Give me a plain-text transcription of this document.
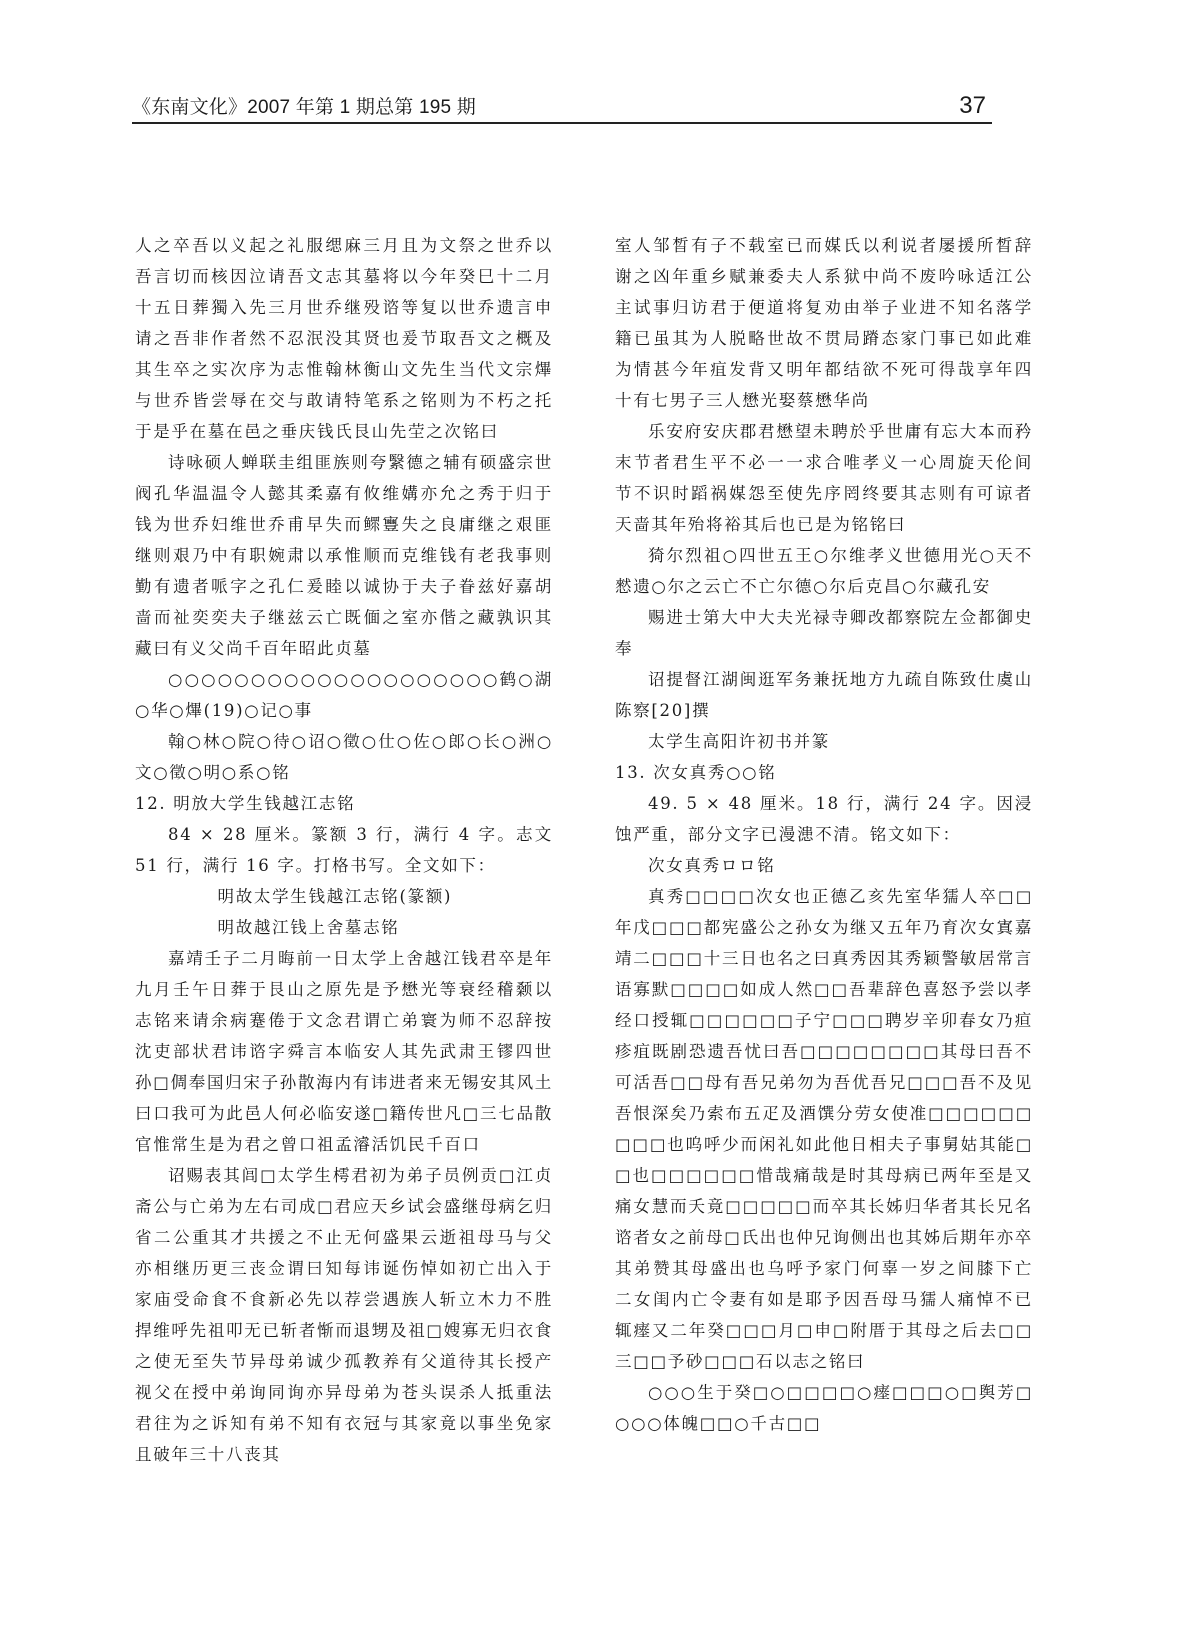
《东南文化》2007 年第 1 期总第 195 期	37

人之卒吾以义起之礼服缌麻三月且为文祭之世乔以吾言切而核因泣请吾文志其墓将以今年癸巳十二月十五日葬獨入先三月世乔继殁谘等复以世乔遗言申请之吾非作者然不忍泯没其贤也爰节取吾文之概及其生卒之实次序为志惟翰林衡山文先生当代文宗熚与世乔皆尝辱在交与敢请特笔系之铭则为不朽之托于是乎在墓在邑之垂庆钱氏艮山先茔之次铭曰

诗咏硕人蝉联圭组匪族则夸繄德之辅有硕盛宗世阀孔华温温令人懿其柔嘉有攸维媾亦允之秀于归于钱为世乔妇维世乔甫早失而鳏寷失之良庸继之艰匪继则艰乃中有职婉肃以承惟顺而克维钱有老我事则勤有遗者哌字之孔仁爰睦以诚协于夫子眷兹好嘉胡啬而祉奕奕夫子继兹云亡既偭之室亦偕之藏孰识其藏曰有义父尚千百年昭此贞墓

○○○○○○○○○○○○○○○○○○○○鹤○湖○华○熚(19)○记○事

翰○林○院○待○诏○徵○仕○佐○郎○长○洲○文○徵○明○系○铭

12. 明放大学生钱越江志铭

84 × 28 厘米。篆额 3 行，满行 4 字。志文 51 行，满行 16 字。打格书写。全文如下：

明故太学生钱越江志铭(篆额)

明故越江钱上舍墓志铭

嘉靖壬子二月晦前一日太学上舍越江钱君卒是年九月壬午日葬于艮山之原先是予懋光等衰经稽颡以志铭来请余病蹇倦于文念君谓亡弟寰为师不忍辞按沈吏部状君讳谘字舜言本临安人其先武肃王镠四世孙□倜奉国归宋子孙散海内有讳进者来无锡安其风土曰口我可为此邑人何必临安遂□籍传世凡□三七品散官惟常生是为君之曾口祖孟濬活饥民千百口

诏赐表其闾□太学生樗君初为弟子员例贡□江贞斋公与亡弟为左右司成□君应天乡试会盛继母病乞归省二公重其才共援之不止无何盛果云逝祖母马与父亦相继历更三丧佥谓曰知每讳诞伤悼如初亡出入于家庙受命食不食新必先以荐尝遇族人斩立木力不胜捍维呼先祖叩无已斩者惭而退甥及祖□嫂寡无归衣食之使无至失节异母弟诚少孤教养有父道待其长授产视父在授中弟询同询亦异母弟为苍头误杀人抵重法君往为之诉知有弟不知有衣冠与其家竟以事坐免家且破年三十八丧其

室人邹晳有子不载室已而媒氏以利说者屡援所晳辞谢之凶年重乡赋兼委夫人系狱中尚不废吟咏适江公主试事归访君于便道将复劝由举子业进不知名落学籍已虽其为人脱略世故不贯局蹐态家门事已如此难为情甚今年疽发背又明年都结欲不死可得哉享年四十有七男子三人懋光娶蔡懋华尚

乐安府安庆郡君懋望未聘於乎世庸有忘大本而矜末节者君生平不必一一求合唯孝义一心周旋天伦间节不识时蹈祸媒怨至使先序罔终要其志则有可谅者天啬其年殆将裕其后也已是为铭铭曰

猗尔烈祖○四世五王○尔维孝义世德用光○天不憖遗○尔之云亡不亡尔德○尔后克昌○尔藏孔安

赐进士第大中大夫光禄寺卿改都察院左佥都御史奉

诏提督江湖闽逛军务兼抚地方九疏自陈致仕虞山陈察[20]撰

太学生高阳许初书并篆

13. 次女真秀○○铭

49. 5 × 48 厘米。18 行，满行 24 字。因浸蚀严重，部分文字已漫漶不清。铭文如下：

次女真秀ロロ铭

真秀□□□□次女也正德乙亥先室华獳人卒□□年戊□□□都宪盛公之孙女为继又五年乃育次女寘嘉靖二□□□十三日也名之曰真秀因其秀颖警敏居常言语寡默□□□□如成人然□□吾辈辞色喜怒予尝以孝经口授辄□□□□□□子宁□□□聘岁辛卯春女乃疸疹疽既剧恐遗吾忧曰吾□□□□□□□□其母曰吾不可活吾□□母有吾兄弟勿为吾优吾兄□□□吾不及见吾恨深矣乃索布五疋及酒馔分劳女使准□□□□□□□□□也呜呼少而闲礼如此他日相夫子事舅姑其能□□也□□□□□□惜哉痛哉是时其母病已两年至是又痛女慧而夭竟□□□□□而卒其长姊归华者其长兄名谘者女之前母□氏出也仲兄询侧出也其姊后期年亦卒其弟赞其母盛出也乌呼予家门何辜一岁之间膝下亡二女闺内亡令妻有如是耶予因吾母马獳人痛悼不已辄瘗又二年癸□□□月□申□附厝于其母之后去□□三□□予砂□□□石以志之铭曰

○○○生于癸□○□□□□○瘗□□□○□舆芳□○○○体魄□□○千古□□
